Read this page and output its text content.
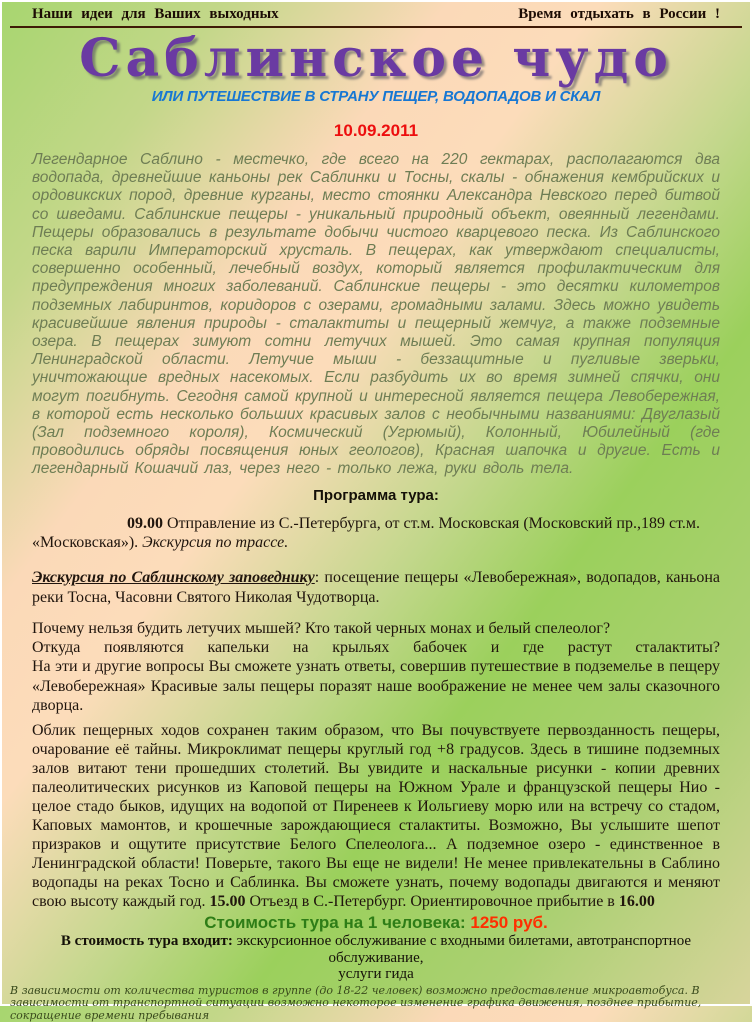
Наши идеи для Ваших выходных	Время отдыхать в России !
Саблинское чудо
ИЛИ ПУТЕШЕСТВИЕ В СТРАНУ ПЕЩЕР, ВОДОПАДОВ И СКАЛ
10.09.2011

Легендарное Саблино - местечко, где всего на 220 гектарах, располагаются два водопада, древнейшие каньоны рек Саблинки и Тосны, скалы - обнажения кембрийских и ордовикских пород, древние курганы, место стоянки Александра Невского перед битвой со шведами. Саблинские пещеры - уникальный природный объект, овеянный легендами. Пещеры образовались в результате добычи чистого кварцевого песка. Из Саблинского песка варили Императорский хрусталь. В пещерах, как утверждают специалисты, совершенно особенный, лечебный воздух, который является профилактическим для предупреждения многих заболеваний. Саблинские пещеры - это десятки километров подземных лабиринтов, коридоров с озерами, громадными залами. Здесь можно увидеть красивейшие явления природы - сталактиты и пещерный жемчуг, а также подземные озера. В пещерах зимуют сотни летучих мышей. Это самая крупная популяция Ленинградской области. Летучие мыши - беззащитные и пугливые зверьки, уничтожающие вредных насекомых. Если разбудить их во время зимней спячки, они могут погибнуть. Сегодня самой крупной и интересной является пещера Левобережная, в которой есть несколько больших красивых залов с необычными названиями: Двуглазый (Зал подземного короля), Космический (Угрюмый), Колонный, Юбилейный (где проводились обряды посвящения юных геологов), Красная шапочка и другие. Есть и легендарный Кошачий лаз, через него - только лежа, руки вдоль тела.

Программа тура:

09.00 Отправление из С.-Петербурга, от ст.м. Московская (Московский пр.,189 ст.м. «Московская»). Экскурсия по трассе.

Экскурсия по Саблинскому заповеднику: посещение пещеры «Левобережная», водопадов, каньона реки Тосна, Часовни Святого Николая Чудотворца.

Почему нельзя будить летучих мышей? Кто такой черных монах и белый спелеолог?
Откуда появляются капельки на крыльях бабочек и где растут сталактиты?
На эти и другие вопросы Вы сможете узнать ответы, совершив путешествие в подземелье в пещеру «Левобережная» Красивые залы пещеры поразят наше воображение не менее чем залы сказочного дворца.

Облик пещерных ходов сохранен таким образом, что Вы почувствуете первозданность пещеры, очарование её тайны. Микроклимат пещеры круглый год +8 градусов. Здесь в тишине подземных залов витают тени прошедших столетий. Вы увидите и наскальные рисунки - копии древних палеолитических рисунков из Каповой пещеры на Южном Урале и французской пещеры Нио - целое стадо быков, идущих на водопой от Пиренеев к Иольгиеву морю или на встречу со стадом, Каповых мамонтов, и крошечные зарождающиеся сталактиты. Возможно, Вы услышите шепот призраков и ощутите присутствие Белого Спелеолога... А подземное озеро - единственное в Ленинградской области! Поверьте, такого Вы еще не видели! Не менее привлекательны в Саблино водопады на реках Тосно и Саблинка. Вы сможете узнать, почему водопады двигаются и меняют свою высоту каждый год. 15.00 Отъезд в С.-Петербург. Ориентировочное прибытие в 16.00

Стоимость тура на 1 человека: 1250 руб.
В стоимость тура входит: экскурсионное обслуживание с входными билетами, автотранспортное обслуживание,
услуги гида
В зависимости от количества туристов в группе (до 18-22 человек) возможно предоставление микроавтобуса. В зависимости от транспортной ситуации возможно некоторое изменение графика движения, позднее прибытие, сокращение времени пребывания
